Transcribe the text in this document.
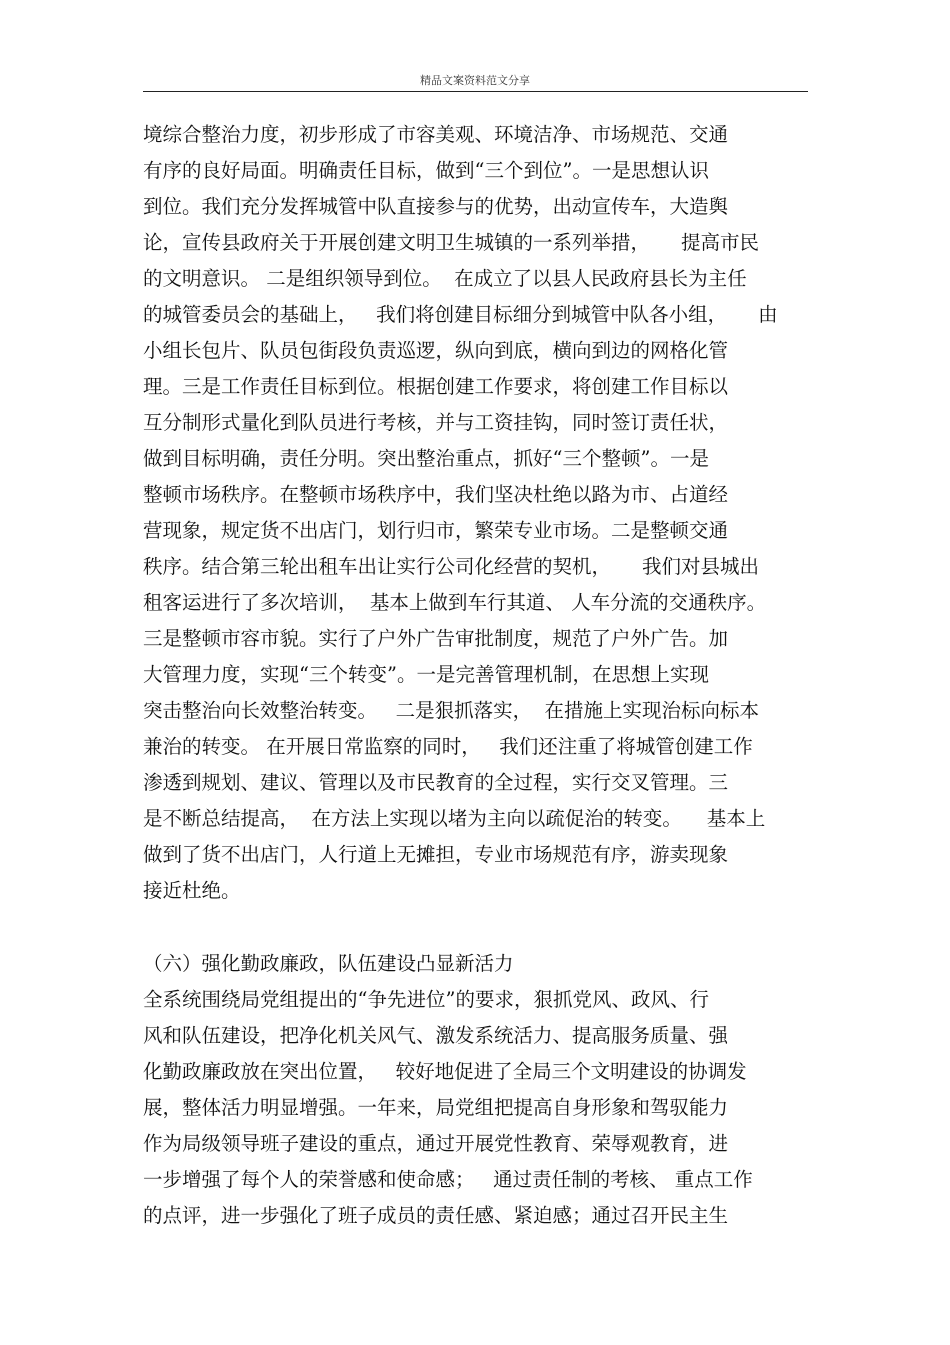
精品文案资料范文分享
境综合整治力度，初步形成了市容美观、环境洁净、市场规范、交通
有序的良好局面。明确责任目标，做到“三个到位”。一是思想认识
到位。我们充分发挥城管中队直接参与的优势，出动宣传车，大造舆
论，宣传县政府关于开展创建文明卫生城镇的一系列举措，     提高市民
的文明意识。 二是组织领导到位。  在成立了以县人民政府县长为主任
的城管委员会的基础上，   我们将创建目标细分到城管中队各小组，     由
小组长包片、队员包街段负责巡逻，纵向到底，横向到边的网格化管
理。三是工作责任目标到位。根据创建工作要求，将创建工作目标以
互分制形式量化到队员进行考核，并与工资挂钩，同时签订责任状，
做到目标明确，责任分明。突出整治重点，抓好“三个整顿”。一是
整顿市场秩序。在整顿市场秩序中，我们坚决杜绝以路为市、占道经
营现象，规定货不出店门，划行归市，繁荣专业市场。二是整顿交通
秩序。结合第三轮出租车出让实行公司化经营的契机，     我们对县城出
租客运进行了多次培训，  基本上做到车行其道、 人车分流的交通秩序。
三是整顿市容市貌。实行了户外广告审批制度，规范了户外广告。加
大管理力度，实现“三个转变”。一是完善管理机制，在思想上实现
突击整治向长效整治转变。   二是狠抓落实，  在措施上实现治标向标本
兼治的转变。 在开展日常监察的同时，   我们还注重了将城管创建工作
渗透到规划、建议、管理以及市民教育的全过程，实行交叉管理。三
是不断总结提高，  在方法上实现以堵为主向以疏促治的转变。    基本上
做到了货不出店门，人行道上无摊担，专业市场规范有序，游卖现象
接近杜绝。
（六）强化勤政廉政，队伍建设凸显新活力
全系统围绕局党组提出的“争先进位”的要求，狠抓党风、政风、行
风和队伍建设，把净化机关风气、激发系统活力、提高服务质量、强
化勤政廉政放在突出位置，   较好地促进了全局三个文明建设的协调发
展，整体活力明显增强。一年来，局党组把提高自身形象和驾驭能力
作为局级领导班子建设的重点，通过开展党性教育、荣辱观教育，进
一步增强了每个人的荣誉感和使命感；   通过责任制的考核、 重点工作
的点评，进一步强化了班子成员的责任感、紧迫感；通过召开民主生
